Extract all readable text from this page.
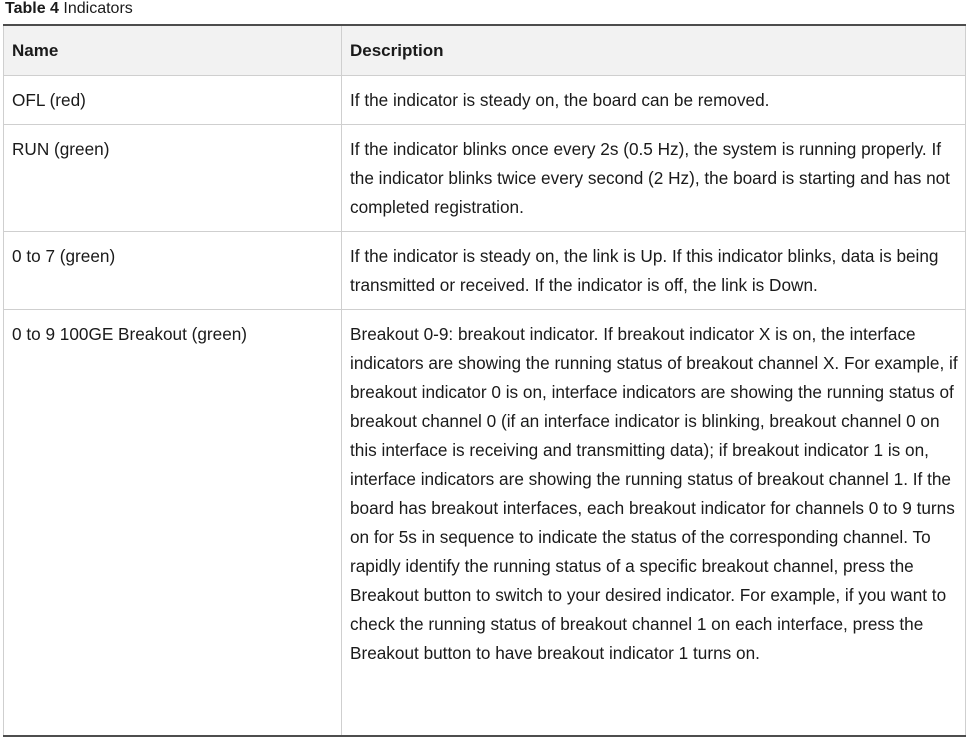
Table 4 Indicators
Name	Description
OFL (red)	If the indicator is steady on, the board can be removed.
RUN (green)	If the indicator blinks once every 2s (0.5 Hz), the system is running properly. If the indicator blinks twice every second (2 Hz), the board is starting and has not completed registration.
0 to 7 (green)	If the indicator is steady on, the link is Up. If this indicator blinks, data is being transmitted or received. If the indicator is off, the link is Down.
0 to 9 100GE Breakout (green)	Breakout 0-9: breakout indicator. If breakout indicator X is on, the interface indicators are showing the running status of breakout channel X. For example, if breakout indicator 0 is on, interface indicators are showing the running status of breakout channel 0 (if an interface indicator is blinking, breakout channel 0 on this interface is receiving and transmitting data); if breakout indicator 1 is on, interface indicators are showing the running status of breakout channel 1. If the board has breakout interfaces, each breakout indicator for channels 0 to 9 turns on for 5s in sequence to indicate the status of the corresponding channel. To rapidly identify the running status of a specific breakout channel, press the Breakout button to switch to your desired indicator. For example, if you want to check the running status of breakout channel 1 on each interface, press the Breakout button to have breakout indicator 1 turns on.
